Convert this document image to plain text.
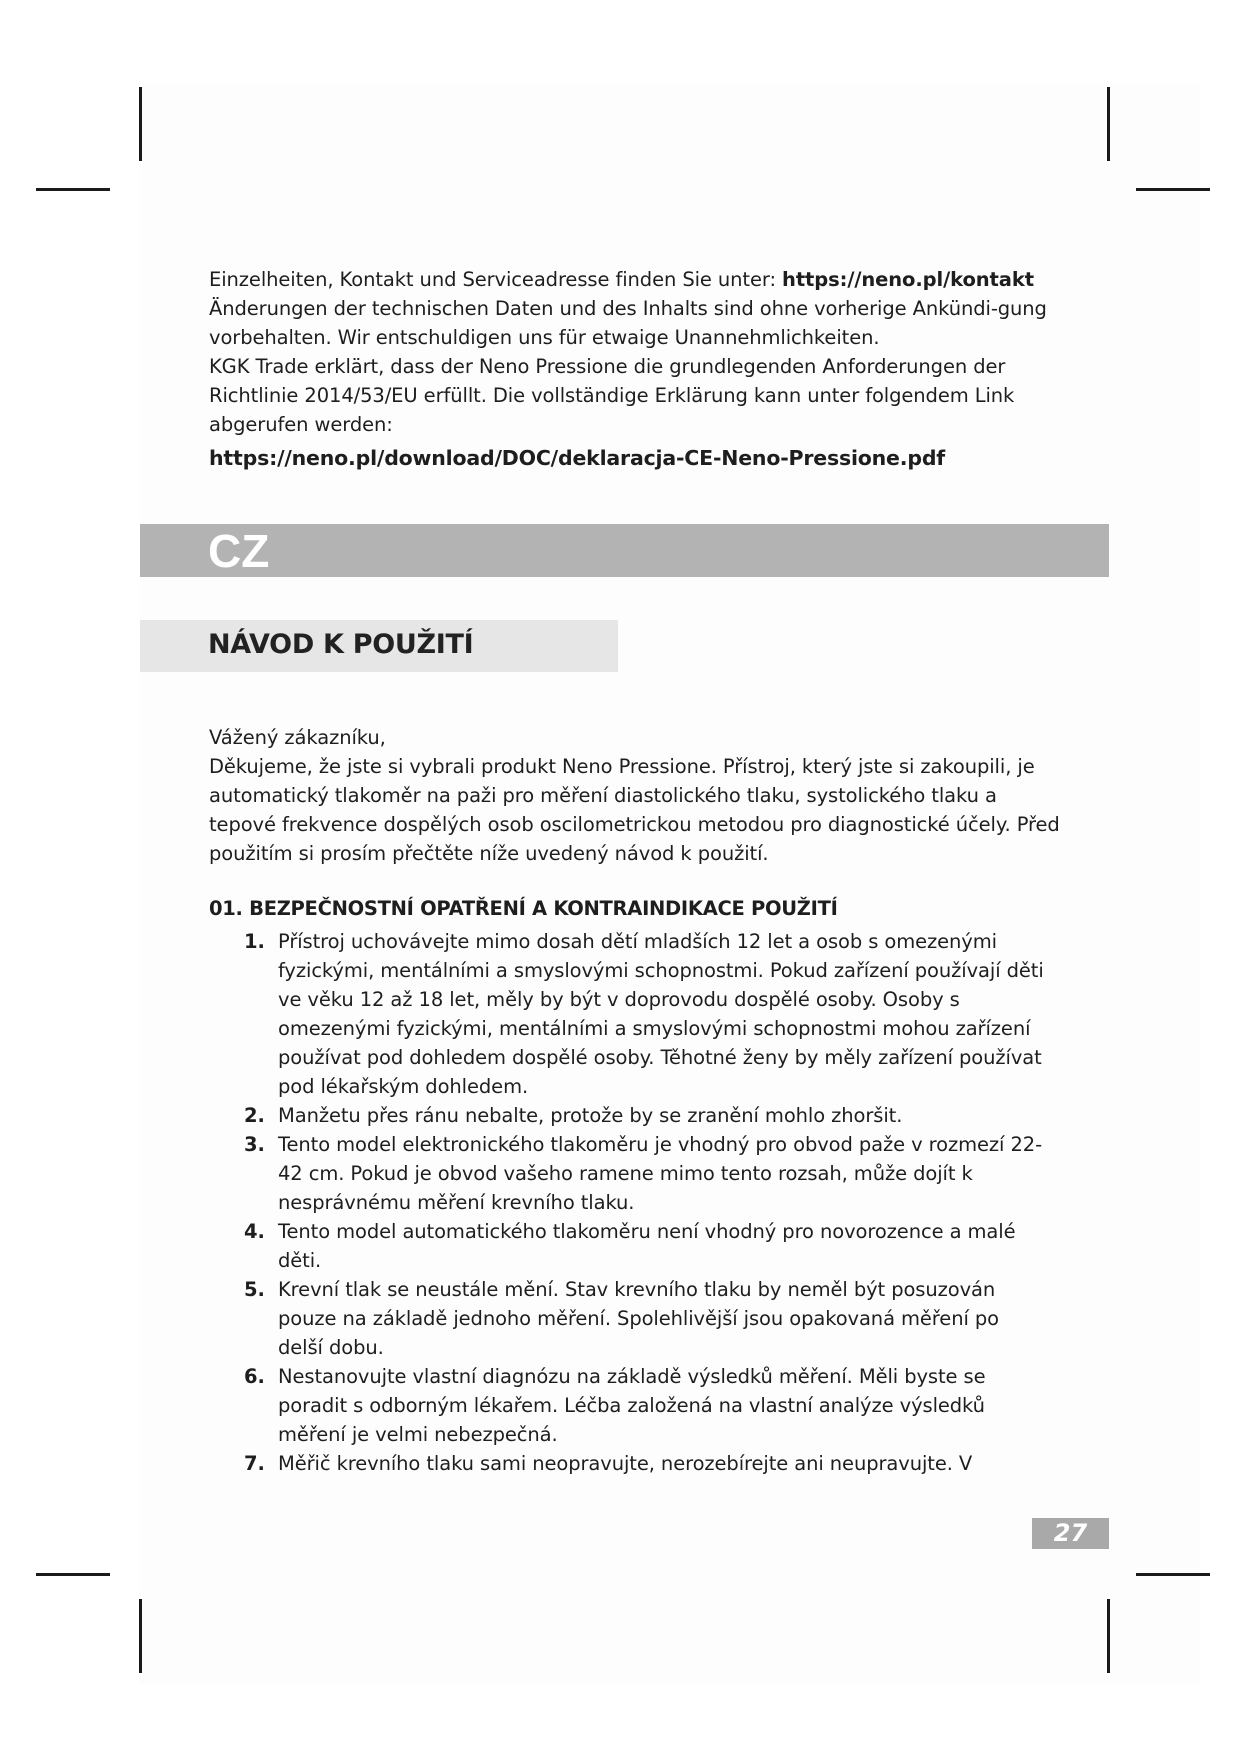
Einzelheiten, Kontakt und Serviceadresse finden Sie unter: https://neno.pl/kontakt

Änderungen der technischen Daten und des Inhalts sind ohne vorherige Ankündi-gung vorbehalten. Wir entschuldigen uns für etwaige Unannehmlichkeiten.

KGK Trade erklärt, dass der Neno Pressione die grundlegenden Anforderungen der Richtlinie 2014/53/EU erfüllt. Die vollständige Erklärung kann unter folgendem Link abgerufen werden:

https://neno.pl/download/DOC/deklaracja-CE-Neno-Pressione.pdf
CZ
NÁVOD K POUŽITÍ

Vážený zákazníku,

Děkujeme, že jste si vybrali produkt Neno Pressione. Přístroj, který jste si zakoupili, je automatický tlakoměr na paži pro měření diastolického tlaku, systolického tlaku a tepové frekvence dospělých osob oscilometrickou metodou pro diagnostické účely. Před použitím si prosím přečtěte níže uvedený návod k použití.

01. BEZPEČNOSTNÍ OPATŘENÍ A KONTRAINDIKACE POUŽITÍ
1. Přístroj uchovávejte mimo dosah dětí mladších 12 let a osob s omezenými fyzickými, mentálními a smyslovými schopnostmi. Pokud zařízení používají děti ve věku 12 až 18 let, měly by být v doprovodu dospělé osoby. Osoby s omezenými fyzickými, mentálními a smyslovými schopnostmi mohou zařízení používat pod dohledem dospělé osoby. Těhotné ženy by měly zařízení používat pod lékařským dohledem.
2. Manžetu přes ránu nebalte, protože by se zranění mohlo zhoršit.
3. Tento model elektronického tlakoměru je vhodný pro obvod paže v rozmezí 22-42 cm. Pokud je obvod vašeho ramene mimo tento rozsah, může dojít k nesprávnému měření krevního tlaku.
4. Tento model automatického tlakoměru není vhodný pro novorozence a malé děti.
5. Krevní tlak se neustále mění. Stav krevního tlaku by neměl být posuzován pouze na základě jednoho měření. Spolehlivější jsou opakovaná měření po delší dobu.
6. Nestanovujte vlastní diagnózu na základě výsledků měření. Měli byste se poradit s odborným lékařem. Léčba založená na vlastní analýze výsledků měření je velmi nebezpečná.
7. Měřič krevního tlaku sami neopravujte, nerozebírejte ani neupravujte. V
27
